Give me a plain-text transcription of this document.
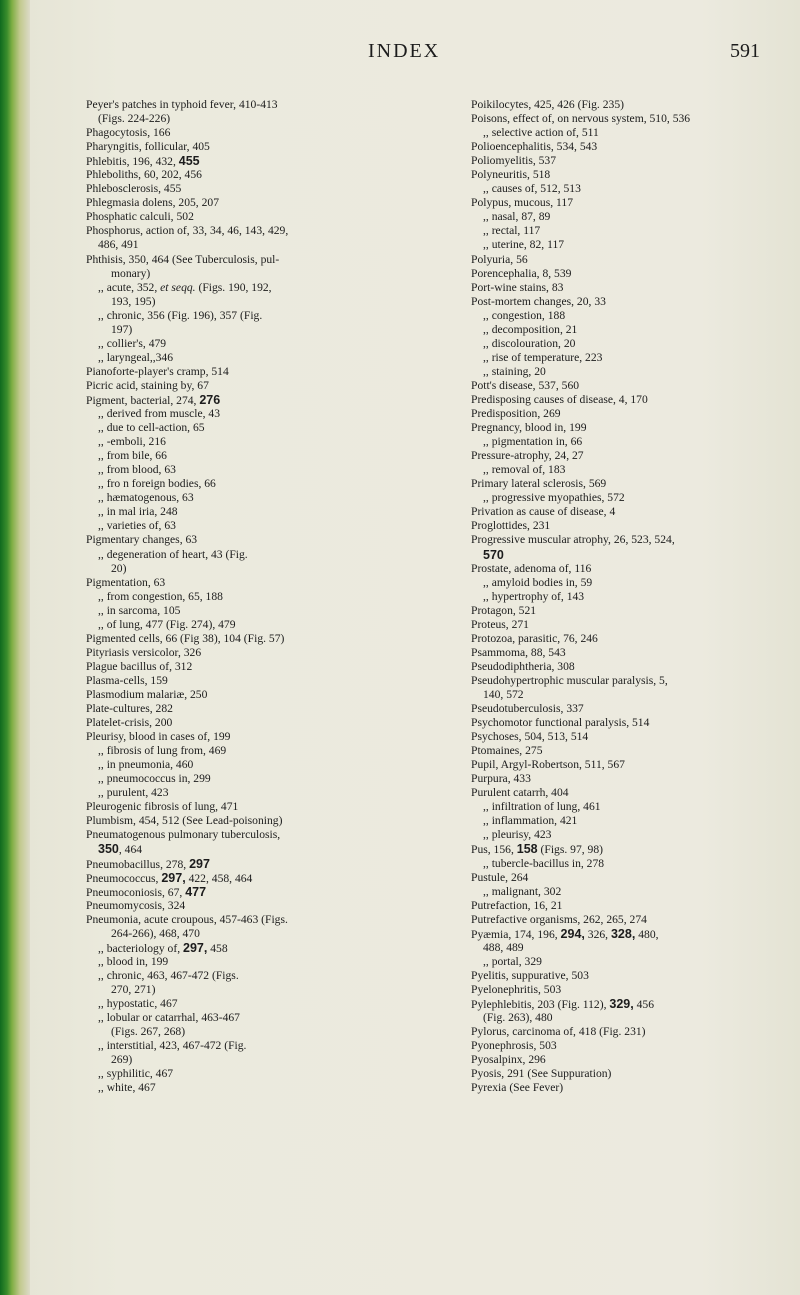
INDEX	591
Peyer's patches in typhoid fever, 410-413
(Figs. 224-226)
Phagocytosis, 166
Pharyngitis, follicular, 405
Phlebitis, 196, 432, 455
Phleboliths, 60, 202, 456
Phlebosclerosis, 455
Phlegmasia dolens, 205, 207
Phosphatic calculi, 502
Phosphorus, action of, 33, 34, 46, 143, 429,
486, 491
Phthisis, 350, 464 (See Tuberculosis, pul-
monary)
,, acute, 352, et seqq. (Figs. 190, 192,
193, 195)
,, chronic, 356 (Fig. 196), 357 (Fig.
197)
,, collier's, 479
,, laryngeal,,346
Pianoforte-player's cramp, 514
Picric acid, staining by, 67
Pigment, bacterial, 274, 276
,, derived from muscle, 43
,, due to cell-action, 65
,, -emboli, 216
,, from bile, 66
,, from blood, 63
,, fro n foreign bodies, 66
,, hæmatogenous, 63
,, in mal iria, 248
,, varieties of, 63
Pigmentary changes, 63
,, degeneration of heart, 43 (Fig.
20)
Pigmentation, 63
,, from congestion, 65, 188
,, in sarcoma, 105
,, of lung, 477 (Fig. 274), 479
Pigmented cells, 66 (Fig 38), 104 (Fig. 57)
Pityriasis versicolor, 326
Plague bacillus of, 312
Plasma-cells, 159
Plasmodium malariæ, 250
Plate-cultures, 282
Platelet-crisis, 200
Pleurisy, blood in cases of, 199
,, fibrosis of lung from, 469
,, in pneumonia, 460
,, pneumococcus in, 299
,, purulent, 423
Pleurogenic fibrosis of lung, 471
Plumbism, 454, 512 (See Lead-poisoning)
Pneumatogenous pulmonary tuberculosis,
350, 464
Pneumobacillus, 278, 297
Pneumococcus, 297, 422, 458, 464
Pneumoconiosis, 67, 477
Pneumomycosis, 324
Pneumonia, acute croupous, 457-463 (Figs.
264-266), 468, 470
,, bacteriology of, 297, 458
,, blood in, 199
,, chronic, 463, 467-472 (Figs.
270, 271)
,, hypostatic, 467
,, lobular or catarrhal, 463-467
(Figs. 267, 268)
,, interstitial, 423, 467-472 (Fig.
269)
,, syphilitic, 467
,, white, 467
Poikilocytes, 425, 426 (Fig. 235)
Poisons, effect of, on nervous system, 510, 536
,, selective action of, 511
Polioencephalitis, 534, 543
Poliomyelitis, 537
Polyneuritis, 518
,, causes of, 512, 513
Polypus, mucous, 117
,, nasal, 87, 89
,, rectal, 117
,, uterine, 82, 117
Polyuria, 56
Porencephalia, 8, 539
Port-wine stains, 83
Post-mortem changes, 20, 33
,, congestion, 188
,, decomposition, 21
,, discolouration, 20
,, rise of temperature, 223
,, staining, 20
Pott's disease, 537, 560
Predisposing causes of disease, 4, 170
Predisposition, 269
Pregnancy, blood in, 199
,, pigmentation in, 66
Pressure-atrophy, 24, 27
,, removal of, 183
Primary lateral sclerosis, 569
,, progressive myopathies, 572
Privation as cause of disease, 4
Proglottides, 231
Progressive muscular atrophy, 26, 523, 524,
570
Prostate, adenoma of, 116
,, amyloid bodies in, 59
,, hypertrophy of, 143
Protagon, 521
Proteus, 271
Protozoa, parasitic, 76, 246
Psammoma, 88, 543
Pseudodiphtheria, 308
Pseudohypertrophic muscular paralysis, 5,
140, 572
Pseudotuberculosis, 337
Psychomotor functional paralysis, 514
Psychoses, 504, 513, 514
Ptomaines, 275
Pupil, Argyl-Robertson, 511, 567
Purpura, 433
Purulent catarrh, 404
,, infiltration of lung, 461
,, inflammation, 421
,, pleurisy, 423
Pus, 156, 158 (Figs. 97, 98)
,, tubercle-bacillus in, 278
Pustule, 264
,, malignant, 302
Putrefaction, 16, 21
Putrefactive organisms, 262, 265, 274
Pyæmia, 174, 196, 294, 326, 328, 480,
488, 489
,, portal, 329
Pyelitis, suppurative, 503
Pyelonephritis, 503
Pylephlebitis, 203 (Fig. 112), 329, 456
(Fig. 263), 480
Pylorus, carcinoma of, 418 (Fig. 231)
Pyonephrosis, 503
Pyosalpinx, 296
Pyosis, 291 (See Suppuration)
Pyrexia (See Fever)
